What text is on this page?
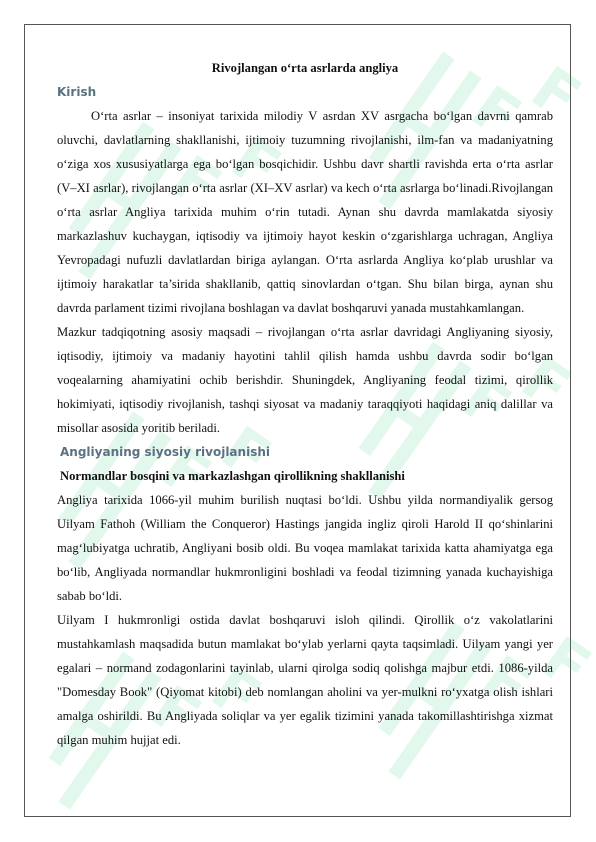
Rivojlangan o‘rta asrlarda angliya

Kirish

O‘rta asrlar – insoniyat tarixida milodiy V asrdan XV asrgacha bo‘lgan davrni qamrab oluvchi, davlatlarning shakllanishi, ijtimoiy tuzumning rivojlanishi, ilm-fan va madaniyatning o‘ziga xos xususiyatlarga ega bo‘lgan bosqichidir. Ushbu davr shartli ravishda erta o‘rta asrlar (V–XI asrlar), rivojlangan o‘rta asrlar (XI–XV asrlar) va kech o‘rta asrlarga bo‘linadi.Rivojlangan o‘rta asrlar Angliya tarixida muhim o‘rin tutadi. Aynan shu davrda mamlakatda siyosiy markazlashuv kuchaygan, iqtisodiy va ijtimoiy hayot keskin o‘zgarishlarga uchragan, Angliya Yevropadagi nufuzli davlatlardan biriga aylangan. O‘rta asrlarda Angliya ko‘plab urushlar va ijtimoiy harakatlar ta’sirida shakllanib, qattiq sinovlardan o‘tgan. Shu bilan birga, aynan shu davrda parlament tizimi rivojlana boshlagan va davlat boshqaruvi yanada mustahkamlangan.

Mazkur tadqiqotning asosiy maqsadi – rivojlangan o‘rta asrlar davridagi Angliyaning siyosiy, iqtisodiy, ijtimoiy va madaniy hayotini tahlil qilish hamda ushbu davrda sodir bo‘lgan voqealarning ahamiyatini ochib berishdir. Shuningdek, Angliyaning feodal tizimi, qirollik hokimiyati, iqtisodiy rivojlanish, tashqi siyosat va madaniy taraqqiyoti haqidagi aniq dalillar va misollar asosida yoritib beriladi.

Angliyaning siyosiy rivojlanishi

Normandlar bosqini va markazlashgan qirollikning shakllanishi

Angliya tarixida 1066-yil muhim burilish nuqtasi bo‘ldi. Ushbu yilda normandiyalik gersog Uilyam Fathoh (William the Conqueror) Hastings jangida ingliz qiroli Harold II qo‘shinlarini mag‘lubiyatga uchratib, Angliyani bosib oldi. Bu voqea mamlakat tarixida katta ahamiyatga ega bo‘lib, Angliyada normandlar hukmronligini boshladi va feodal tizimning yanada kuchayishiga sabab bo‘ldi.

Uilyam I hukmronligi ostida davlat boshqaruvi isloh qilindi. Qirollik o‘z vakolatlarini mustahkamlash maqsadida butun mamlakat bo‘ylab yerlarni qayta taqsimladi. Uilyam yangi yer egalari – normand zodagonlarini tayinlab, ularni qirolga sodiq qolishga majbur etdi. 1086-yilda "Domesday Book" (Qiyomat kitobi) deb nomlangan aholini va yer-mulkni ro‘yxatga olish ishlari amalga oshirildi. Bu Angliyada soliqlar va yer egalik tizimini yanada takomillashtirishga xizmat qilgan muhim hujjat edi.
